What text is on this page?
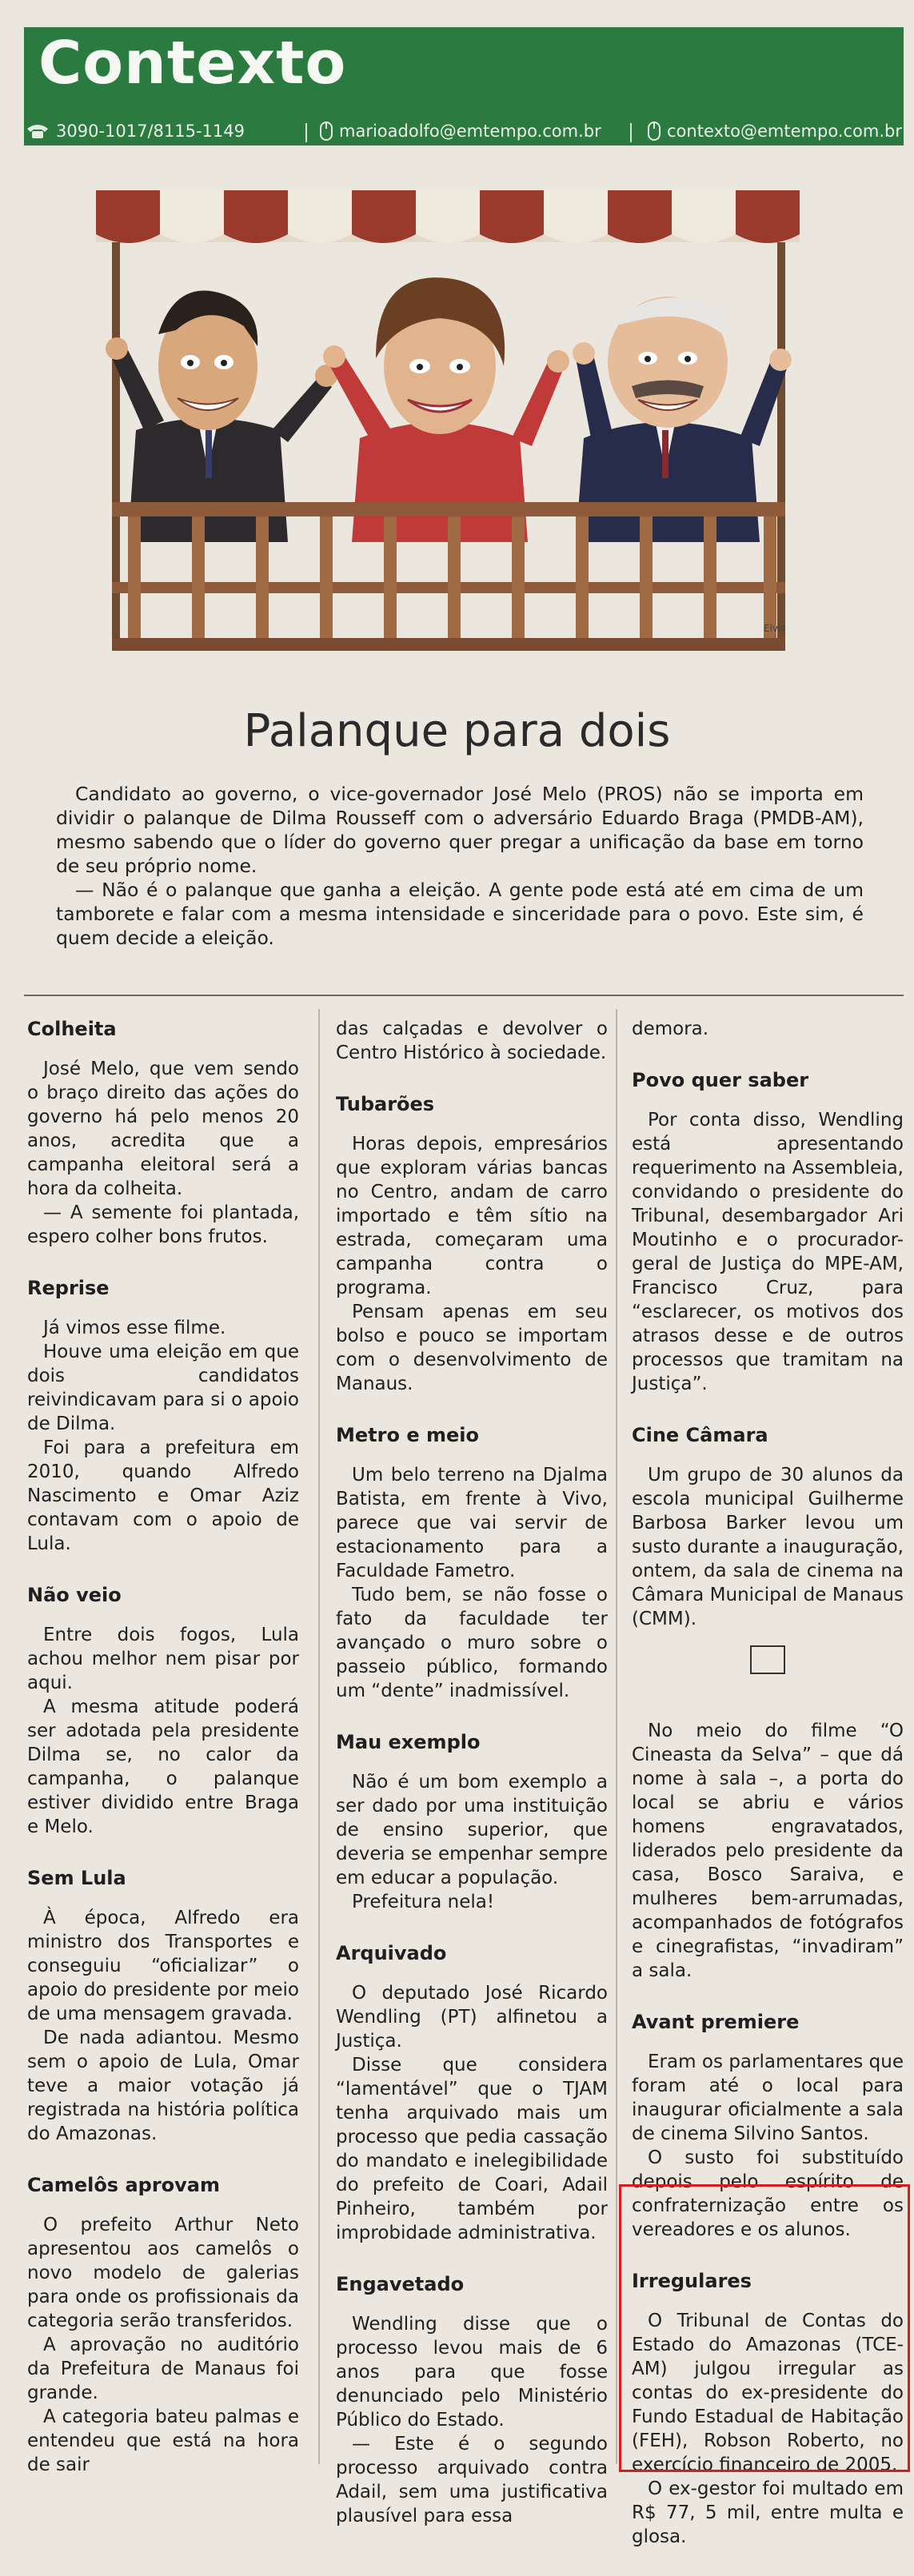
Contexto
3090-1017/8115-1149	marioadolfo@emtempo.com.br	contexto@emtempo.com.br
Elvis
Palanque para dois

Candidato ao governo, o vice-governador José Melo (PROS) não se importa em dividir o palanque de Dilma Rousseff com o adversário Eduardo Braga (PMDB-AM), mesmo sabendo que o líder do governo quer pregar a unificação da base em torno de seu próprio nome.

— Não é o palanque que ganha a eleição. A gente pode está até em cima de um tamborete e falar com a mesma intensidade e sinceridade para o povo. Este sim, é quem decide a eleição.

Colheita

José Melo, que vem sendo o braço direito das ações do governo há pelo menos 20 anos, acredita que a campanha eleitoral será a hora da colheita.

— A semente foi plantada, espero colher bons frutos.

Reprise

Já vimos esse filme.

Houve uma eleição em que dois candidatos reivindicavam para si o apoio de Dilma.

Foi para a prefeitura em 2010, quando Alfredo Nascimento e Omar Aziz contavam com o apoio de Lula.

Não veio

Entre dois fogos, Lula achou melhor nem pisar por aqui.

A mesma atitude poderá ser adotada pela presidente Dilma se, no calor da campanha, o palanque estiver dividido entre Braga e Melo.

Sem Lula

À época, Alfredo era ministro dos Transportes e conseguiu “oficializar” o apoio do presidente por meio de uma mensagem gravada.

De nada adiantou. Mesmo sem o apoio de Lula, Omar teve a maior votação já registrada na história política do Amazonas.

Camelôs aprovam

O prefeito Arthur Neto apresentou aos camelôs o novo modelo de galerias para onde os profissionais da categoria serão transferidos.

A aprovação no auditório da Prefeitura de Manaus foi grande.

A categoria bateu palmas e entendeu que está na hora de sair

das calçadas e devolver o Centro Histórico à sociedade.

Tubarões

Horas depois, empresários que exploram várias bancas no Centro, andam de carro importado e têm sítio na estrada, começaram uma campanha contra o programa.

Pensam apenas em seu bolso e pouco se importam com o desenvolvimento de Manaus.

Metro e meio

Um belo terreno na Djalma Batista, em frente à Vivo, parece que vai servir de estacionamento para a Faculdade Fametro.

Tudo bem, se não fosse o fato da faculdade ter avançado o muro sobre o passeio público, formando um “dente” inadmissível.

Mau exemplo

Não é um bom exemplo a ser dado por uma instituição de ensino superior, que deveria se empenhar sempre em educar a população.

Prefeitura nela!

Arquivado

O deputado José Ricardo Wendling (PT) alfinetou a Justiça.

Disse que considera “lamentável” que o TJAM tenha arquivado mais um processo que pedia cassação do mandato e inelegibilidade do prefeito de Coari, Adail Pinheiro, também por improbidade administrativa.

Engavetado

Wendling disse que o processo levou mais de 6 anos para que fosse denunciado pelo Ministério Público do Estado.

— Este é o segundo processo arquivado contra Adail, sem uma justificativa plausível para essa

demora.

Povo quer saber

Por conta disso, Wendling está apresentando requerimento na Assembleia, convidando o presidente do Tribunal, desembargador Ari Moutinho e o procurador-geral de Justiça do MPE-AM, Francisco Cruz, para “esclarecer, os motivos dos atrasos desse e de outros processos que tramitam na Justiça”.

Cine Câmara

Um grupo de 30 alunos da escola municipal Guilherme Barbosa Barker levou um susto durante a inauguração, ontem, da sala de cinema na Câmara Municipal de Manaus (CMM).

No meio do filme “O Cineasta da Selva” – que dá nome à sala –, a porta do local se abriu e vários homens engravatados, liderados pelo presidente da casa, Bosco Saraiva, e mulheres bem-arrumadas, acompanhados de fotógrafos e cinegrafistas, “invadiram” a sala.

Avant premiere

Eram os parlamentares que foram até o local para inaugurar oficialmente a sala de cinema Silvino Santos.

O susto foi substituído depois pelo espírito de confraternização entre os vereadores e os alunos.

Irregulares

O Tribunal de Contas do Estado do Amazonas (TCE-AM) julgou irregular as contas do ex-presidente do Fundo Estadual de Habitação (FEH), Robson Roberto, no exercício financeiro de 2005.

O ex-gestor foi multado em R$ 77, 5 mil, entre multa e glosa.
